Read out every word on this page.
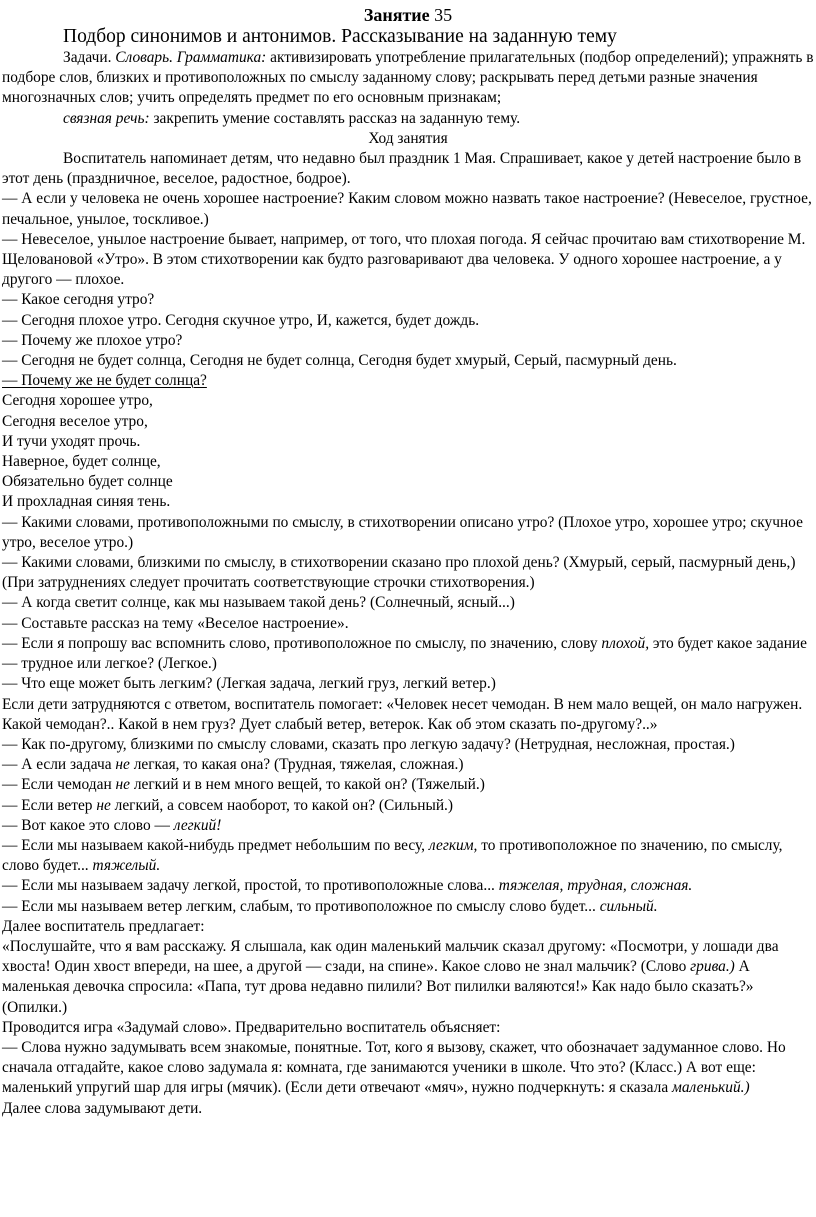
Занятие 35

Подбор синонимов и антонимов. Рассказывание на заданную тему

Задачи. Словарь. Грамматика: активизировать употребление прилагательных (подбор определений); упражнять в подборе слов, близких и противоположных по смыслу заданному слову; раскрывать перед детьми разные значения многозначных слов; учить определять предмет по его основным признакам;

связная речь: закрепить умение составлять рассказ на заданную тему.

Ход занятия

Воспитатель напоминает детям, что недавно был праздник 1 Мая. Спрашивает, какое у детей настроение было в этот день (праздничное, веселое, радостное, бодрое).

— А если у человека не очень хорошее настроение? Каким словом можно назвать такое настроение? (Невеселое, грустное, печальное, унылое, тоскливое.)

— Невеселое, унылое настроение бывает, например, от того, что плохая погода. Я сейчас прочитаю вам стихотворение М. Щеловановой «Утро». В этом стихотворении как будто разговаривают два человека. У одного хорошее настроение, а у другого — плохое.

— Какое сегодня утро?

— Сегодня плохое утро. Сегодня скучное утро, И, кажется, будет дождь.

— Почему же плохое утро?

— Сегодня не будет солнца, Сегодня не будет солнца, Сегодня будет хмурый, Серый, пасмурный день.

— Почему же не будет солнца?

Сегодня хорошее утро,

Сегодня веселое утро,

И тучи уходят прочь.

Наверное, будет солнце,

Обязательно будет солнце

И прохладная синяя тень.

— Какими словами, противоположными по смыслу, в стихотворении описано утро? (Плохое утро, хорошее утро; скучное утро, веселое утро.)

— Какими словами, близкими по смыслу, в стихотворении сказано про плохой день? (Хмурый, серый, пасмурный день,) (При затруднениях следует прочитать соответствующие строчки стихотворения.)

— А когда светит солнце, как мы называем такой день? (Солнечный, ясный...)

— Составьте рассказ на тему «Веселое настроение».

— Если я попрошу вас вспомнить слово, противоположное по смыслу, по значению, слову плохой, это будет какое задание — трудное или легкое? (Легкое.)

— Что еще может быть легким? (Легкая задача, легкий груз, легкий ветер.)

Если дети затрудняются с ответом, воспитатель помогает: «Человек несет чемодан. В нем мало вещей, он мало нагружен. Какой чемодан?.. Какой в нем груз? Дует слабый ветер, ветерок. Как об этом сказать по-другому?..»

— Как по-другому, близкими по смыслу словами, сказать про легкую задачу? (Нетрудная, несложная, простая.)

— А если задача не легкая, то какая она? (Трудная, тяжелая, сложная.)

— Если чемодан не легкий и в нем много вещей, то какой он? (Тяжелый.)

— Если ветер не легкий, а совсем наоборот, то какой он? (Сильный.)

— Вот какое это слово — легкий!

— Если мы называем какой-нибудь предмет небольшим по весу, легким, то противоположное по значению, по смыслу, слово будет... тяжелый.

— Если мы называем задачу легкой, простой, то противоположные слова... тяжелая, трудная, сложная.

— Если мы называем ветер легким, слабым, то противоположное по смыслу слово будет... сильный.

Далее воспитатель предлагает:

«Послушайте, что я вам расскажу. Я слышала, как один маленький мальчик сказал другому: «Посмотри, у лошади два хвоста! Один хвост впереди, на шее, а другой — сзади, на спине». Какое слово не знал мальчик? (Слово грива.) А маленькая девочка спросила: «Папа, тут дрова недавно пилили? Вот пилилки валяются!» Как надо было сказать?» (Опилки.)

Проводится игра «Задумай слово». Предварительно воспитатель объясняет:

— Слова нужно задумывать всем знакомые, понятные. Тот, кого я вызову, скажет, что обозначает задуманное слово. Но сначала отгадайте, какое слово задумала я: комната, где занимаются ученики в школе. Что это? (Класс.) А вот еще: маленький упругий шар для игры (мячик). (Если дети отвечают «мяч», нужно подчеркнуть: я сказала маленький.)

Далее слова задумывают дети.
